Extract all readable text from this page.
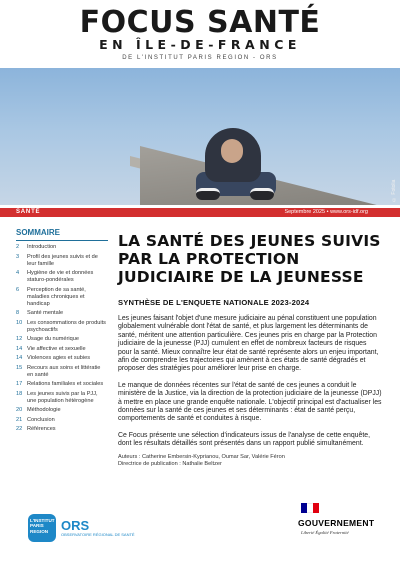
FOCUS SANTÉ
EN ÎLE-DE-FRANCE
DE L'INSTITUT PARIS REGION - ORS
© Fotolia
SANTÉ	Septembre 2025 • www.ors-idf.org
SOMMAIRE
2	Introduction
3	Profil des jeunes suivis et de leur famille
4	Hygiène de vie et données staturo-pondérales
6	Perception de sa santé, maladies chroniques et handicap
8	Santé mentale
10 Les consommations de produits psychoactifs
12 Usage du numérique
14 Vie affective et sexuelle
14 Violences agies et subies
15 Recours aux soins et littératie en santé
17 Relations familiales et sociales
18 Les jeunes suivis par la PJJ, une population hétérogène
20 Méthodologie
21 Conclusion
22 Références
LA SANTÉ DES JEUNES SUIVIS PAR LA PROTECTION JUDICIAIRE DE LA JEUNESSE
SYNTHÈSE DE L'ENQUETE NATIONALE 2023-2024

Les jeunes faisant l'objet d'une mesure judiciaire au pénal constituent une population globalement vulnérable dont l'état de santé, et plus largement les déterminants de santé, méritent une attention particulière. Ces jeunes pris en charge par la Protection judiciaire de la jeunesse (PJJ) cumulent en effet de nombreux facteurs de risques pour la santé. Mieux connaître leur état de santé représente alors un enjeu important, afin de comprendre les trajectoires qui amènent à ces états de santé dégradés et proposer des stratégies pour améliorer leur prise en charge.

Le manque de données récentes sur l'état de santé de ces jeunes a conduit le ministère de la Justice, via la direction de la protection judiciaire de la jeunesse (DPJJ) à mettre en place une grande enquête nationale. L'objectif principal est d'actualiser les données sur la santé de ces jeunes et ses déterminants : état de santé perçu, comportements de santé et conduites à risque.

Ce Focus présente une sélection d'indicateurs issus de l'analyse de cette enquête, dont les résultats détaillés sont présentés dans un rapport publié simultanément.

Auteurs : Catherine Embersin-Kyprianou, Oumar Sar, Valérie Féron
Directrice de publication : Nathalie Beltzer
L'INSTITUT PARIS REGION ORS
OBSERVATOIRE RÉGIONAL DE SANTÉ
GOUVERNEMENT
Liberté Égalité Fraternité
